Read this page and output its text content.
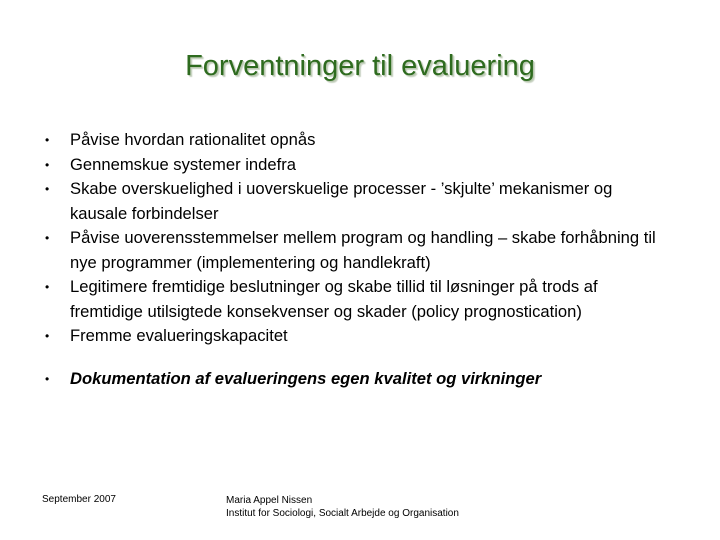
Forventninger til evaluering
• Påvise hvordan rationalitet opnås
• Gennemskue systemer indefra
• Skabe overskuelighed i uoverskuelige processer - ’skjulte’ mekanismer og kausale forbindelser
• Påvise uoverensstemmelser mellem program og handling – skabe forhåbning til nye programmer (implementering og handlekraft)
• Legitimere fremtidige beslutninger og skabe tillid til løsninger på trods af fremtidige utilsigtede konsekvenser og skader (policy prognostication)
• Fremme evalueringskapacitet
• Dokumentation af evalueringens egen kvalitet og virkninger
September 2007	Maria Appel Nissen
Institut for Sociologi, Socialt Arbejde og Organisation
